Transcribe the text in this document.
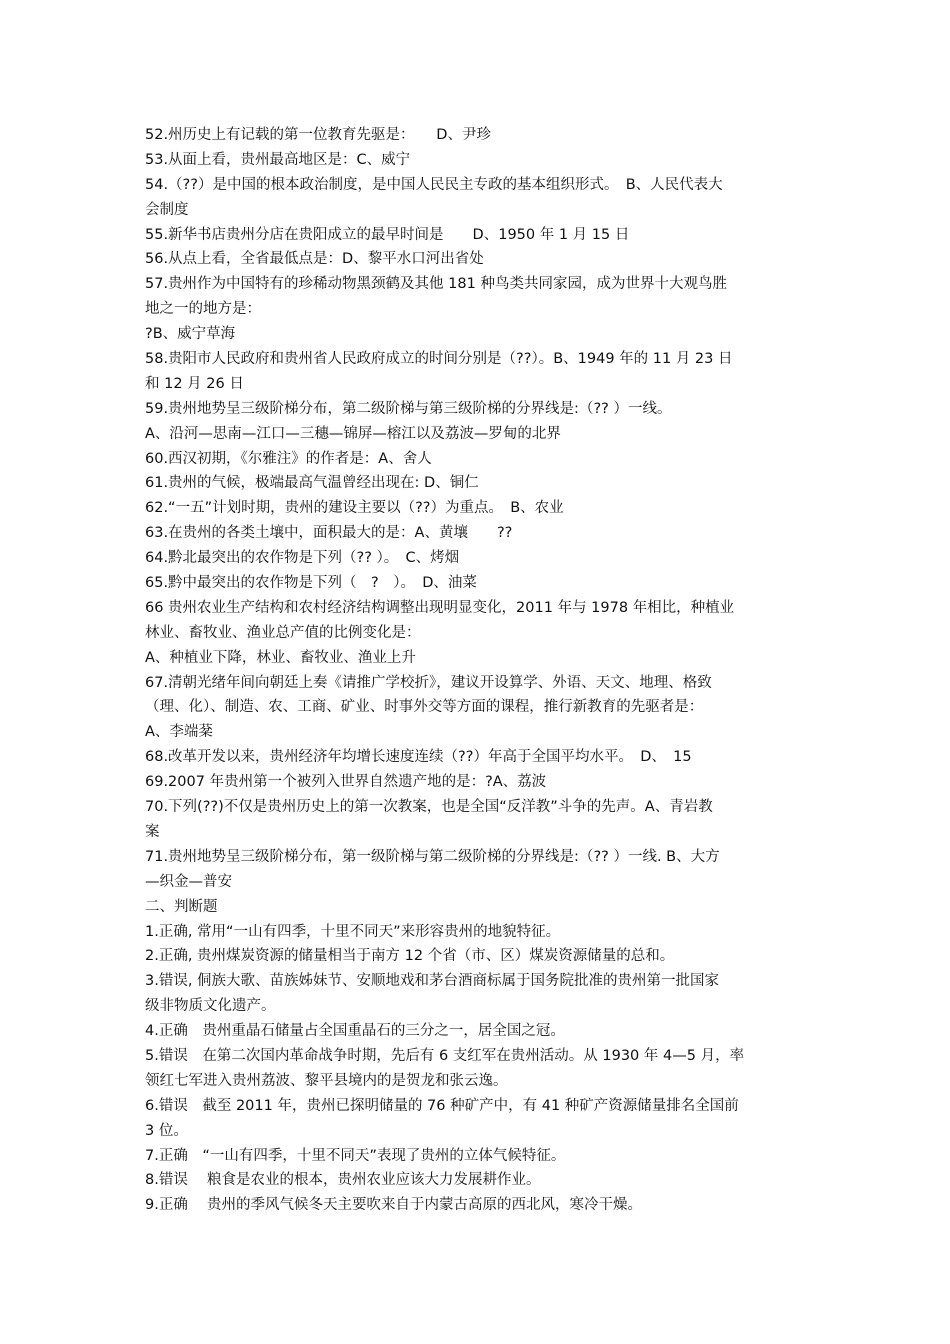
52.州历史上有记载的第一位教育先驱是：　　D、尹珍
53.从面上看，贵州最高地区是：C、威宁
54.（??）是中国的根本政治制度，是中国人民民主专政的基本组织形式。　B、人民代表大
会制度
55.新华书店贵州分店在贵阳成立的最早时间是　　D、1950 年 1 月 15 日
56.从点上看，全省最低点是：D、黎平水口河出省处
57.贵州作为中国特有的珍稀动物黑颈鹤及其他 181 种鸟类共同家园，成为世界十大观鸟胜
地之一的地方是：
?B、威宁草海
58.贵阳市人民政府和贵州省人民政府成立的时间分别是（??）。B、1949 年的 11 月 23 日
和 12 月 26 日
59.贵州地势呈三级阶梯分布，第二级阶梯与第三级阶梯的分界线是:（?? ）一线。
A、沿河—思南—江口—三穗—锦屏—榕江以及荔波—罗甸的北界
60.西汉初期，《尔雅注》的作者是：A、舍人
61.贵州的气候，极端最高气温曾经出现在: D、铜仁
62.“一五”计划时期，贵州的建设主要以（??）为重点。　B、农业
63.在贵州的各类土壤中，面积最大的是：A、黄壤　　??
64.黔北最突出的农作物是下列（?? ）。　C、烤烟
65.黔中最突出的农作物是下列（　?　）。　D、油菜
66 贵州农业生产结构和农村经济结构调整出现明显变化，2011 年与 1978 年相比，种植业
林业、畜牧业、渔业总产值的比例变化是：
A、种植业下降，林业、畜牧业、渔业上升
67.清朝光绪年间向朝廷上奏《请推广学校折》，建议开设算学、外语、天文、地理、格致
（理、化）、制造、农、工商、矿业、时事外交等方面的课程，推行新教育的先驱者是：
A、李端棻
68.改革开发以来，贵州经济年均增长速度连续（??）年高于全国平均水平。　D、　15
69.2007 年贵州第一个被列入世界自然遗产地的是：?A、荔波
70.下列(??)不仅是贵州历史上的第一次教案，也是全国“反洋教”斗争的先声。A、青岩教
案
71.贵州地势呈三级阶梯分布，第一级阶梯与第二级阶梯的分界线是:（?? ）一线. B、大方
—织金—普安
二、判断题
1.正确, 常用“一山有四季，十里不同天”来形容贵州的地貌特征。
2.正确, 贵州煤炭资源的储量相当于南方 12 个省（市、区）煤炭资源储量的总和。
3.错误, 侗族大歌、苗族姊妹节、安顺地戏和茅台酒商标属于国务院批准的贵州第一批国家
级非物质文化遗产。
4.正确　贵州重晶石储量占全国重晶石的三分之一，居全国之冠。
5.错误　在第二次国内革命战争时期，先后有 6 支红军在贵州活动。从 1930 年 4—5 月，率
领红七军进入贵州荔波、黎平县境内的是贺龙和张云逸。
6.错误　截至 2011 年，贵州已探明储量的 76 种矿产中，有 41 种矿产资源储量排名全国前
3 位。
7.正确　“一山有四季，十里不同天”表现了贵州的立体气候特征。
8.错误　 粮食是农业的根本，贵州农业应该大力发展耕作业。
9.正确　 贵州的季风气候冬天主要吹来自于内蒙古高原的西北风，寒冷干燥。
